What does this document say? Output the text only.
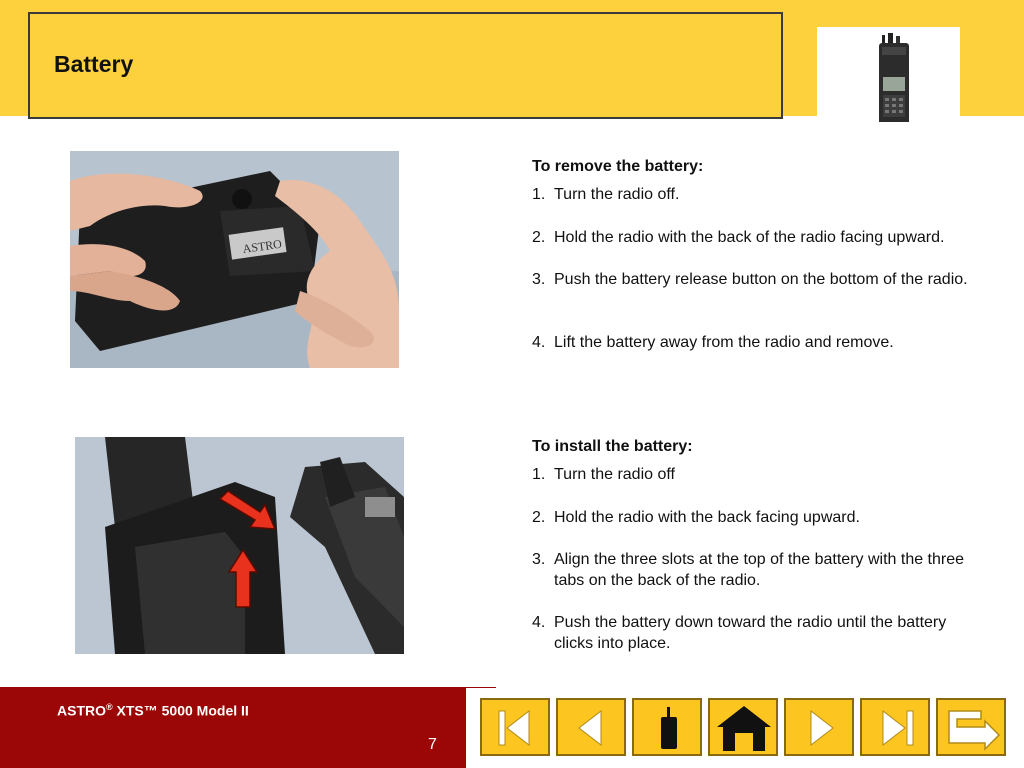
Battery
ASTRO
To remove the battery:
1. Turn the radio off.
2. Hold the radio with the back of the radio facing upward.
3. Push the battery release button on the bottom of the radio.
4. Lift the battery away from the radio and remove.
To install the battery:
1. Turn the radio off
2. Hold the radio with the back facing upward.
3. Align the three slots at the top of the battery with the three tabs on the back of the radio.
4. Push the battery down toward the radio until the battery clicks into place.
ASTRO® XTS™ 5000 Model II
7
